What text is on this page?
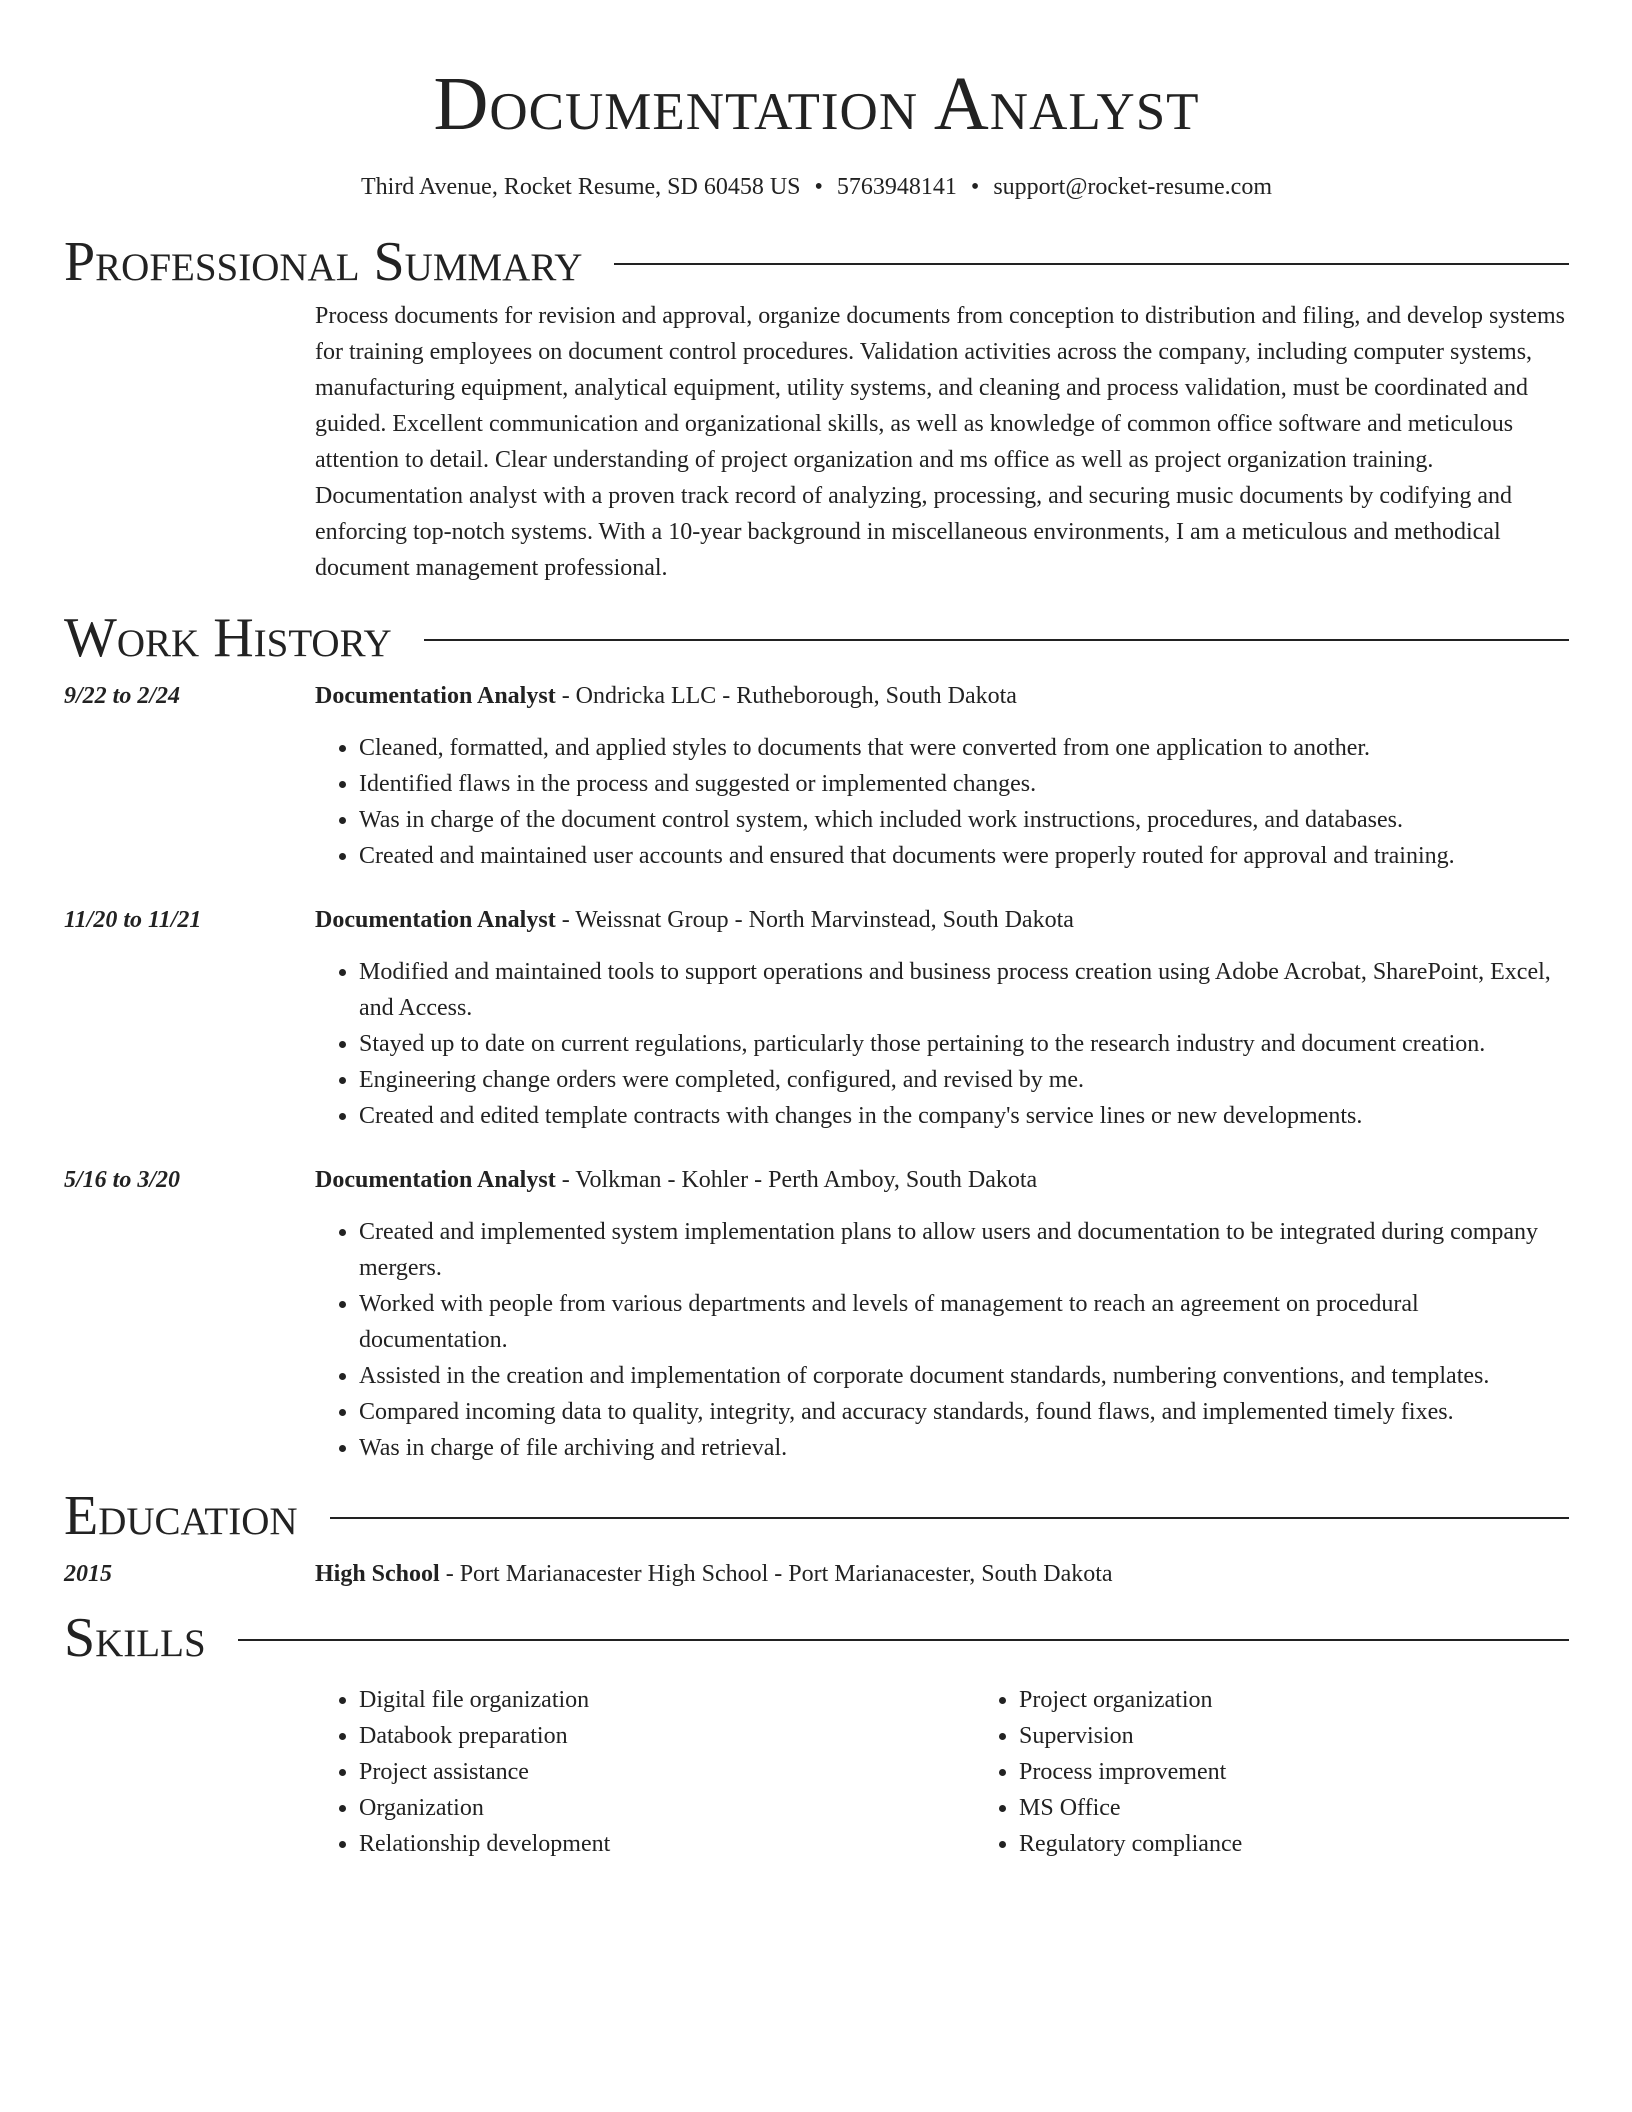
Documentation Analyst
Third Avenue, Rocket Resume, SD 60458 US • 5763948141 • support@rocket-resume.com
Professional Summary
Process documents for revision and approval, organize documents from conception to distribution and filing, and develop systems for training employees on document control procedures. Validation activities across the company, including computer systems, manufacturing equipment, analytical equipment, utility systems, and cleaning and process validation, must be coordinated and guided. Excellent communication and organizational skills, as well as knowledge of common office software and meticulous attention to detail. Clear understanding of project organization and ms office as well as project organization training. Documentation analyst with a proven track record of analyzing, processing, and securing music documents by codifying and enforcing top-notch systems. With a 10-year background in miscellaneous environments, I am a meticulous and methodical document management professional.
Work History
9/22 to 2/24	Documentation Analyst - Ondricka LLC - Rutheborough, South Dakota
• Cleaned, formatted, and applied styles to documents that were converted from one application to another.
• Identified flaws in the process and suggested or implemented changes.
• Was in charge of the document control system, which included work instructions, procedures, and databases.
• Created and maintained user accounts and ensured that documents were properly routed for approval and training.
11/20 to 11/21	Documentation Analyst - Weissnat Group - North Marvinstead, South Dakota
• Modified and maintained tools to support operations and business process creation using Adobe Acrobat, SharePoint, Excel, and Access.
• Stayed up to date on current regulations, particularly those pertaining to the research industry and document creation.
• Engineering change orders were completed, configured, and revised by me.
• Created and edited template contracts with changes in the company's service lines or new developments.
5/16 to 3/20	Documentation Analyst - Volkman - Kohler - Perth Amboy, South Dakota
• Created and implemented system implementation plans to allow users and documentation to be integrated during company mergers.
• Worked with people from various departments and levels of management to reach an agreement on procedural documentation.
• Assisted in the creation and implementation of corporate document standards, numbering conventions, and templates.
• Compared incoming data to quality, integrity, and accuracy standards, found flaws, and implemented timely fixes.
• Was in charge of file archiving and retrieval.
Education
2015	High School - Port Marianacester High School - Port Marianacester, South Dakota
Skills
• Digital file organization
• Databook preparation
• Project assistance
• Organization
• Relationship development
• Project organization
• Supervision
• Process improvement
• MS Office
• Regulatory compliance
